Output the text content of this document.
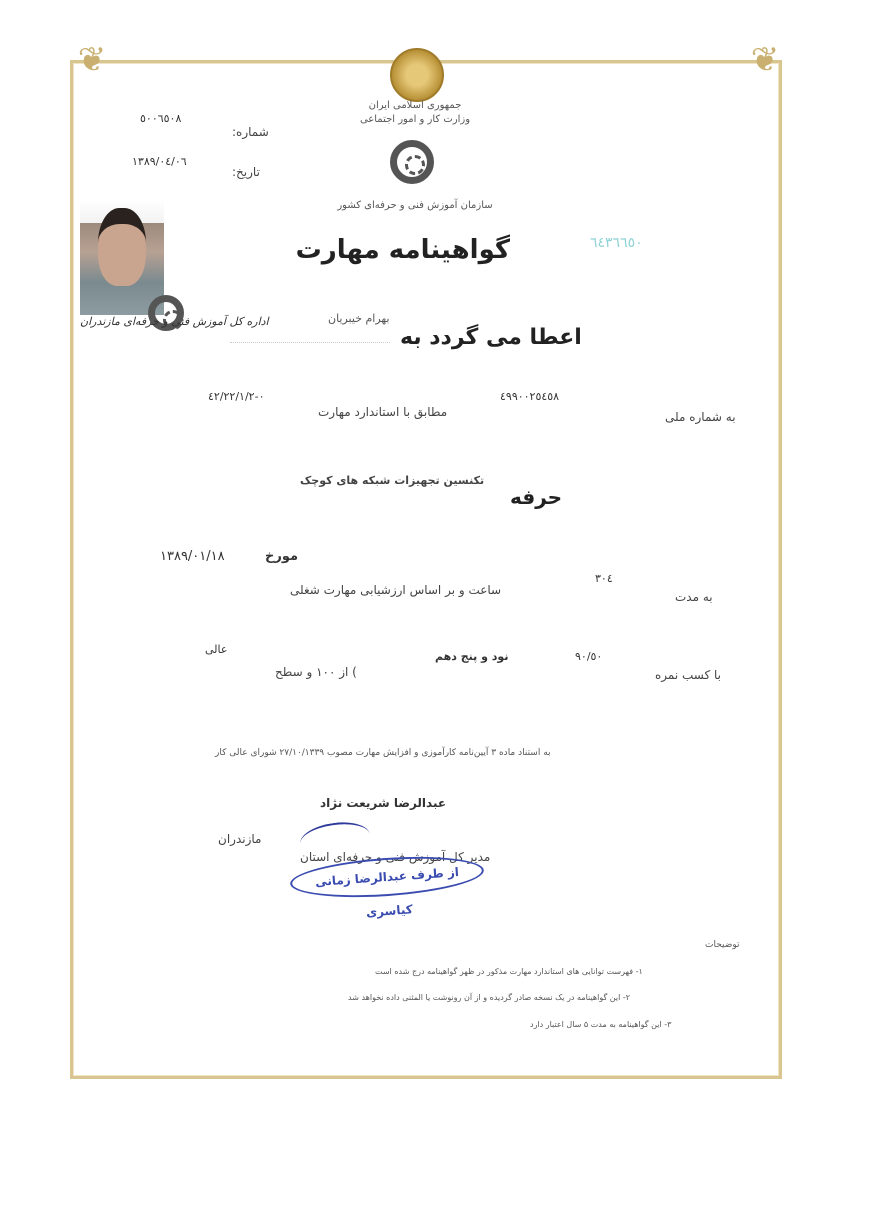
❦	❦
جمهوری اسلامی ایران
وزارت کار و امور اجتماعی
سازمان آموزش فنی و حرفه‌ای کشور
گواهینامه مهارت	٦٤٣٦٦٥٠
٥٠٠٦٥٠٨
شماره:
١٣٨٩/٠٤/٠٦
تاریخ:
اداره کل آموزش فنی و حرفه‌ای مازندران	بهرام خیبریان
اعطا می گردد به
٤٩٩٠٠٢٥٤٥٨
به شماره ملی
٠-٤٢/٢٢/١/٢
مطابق با استاندارد مهارت
تکنسین تجهیزات شبکه های کوچک
حرفه
٣٠٤
به مدت
ساعت و بر اساس ارزشیابی مهارت شغلی
مورخ
١٣٨٩/٠١/١٨
٩٠/٥٠
با کسب نمره
نود و پنج دهم
) از ١٠٠ و سطح
عالی
به استناد ماده ۳ آیین‌نامه کارآموزی و افزایش مهارت مصوب ۲۷/۱۰/۱۳۳۹ شورای عالی کار
عبدالرضا شریعت نژاد
مازندران
مدیر کل آموزش فنی و حرفه‌ای استان
از طرف عبدالرضا زمانی کیاسری
توضیحات
۱- فهرست توانایی های استاندارد مهارت مذکور در ظهر گواهینامه درج شده است
۲- این گواهینامه در یک نسخه صادر گردیده و از آن رونوشت یا المثنی داده نخواهد شد
۳- این گواهینامه به مدت ۵ سال اعتبار دارد
